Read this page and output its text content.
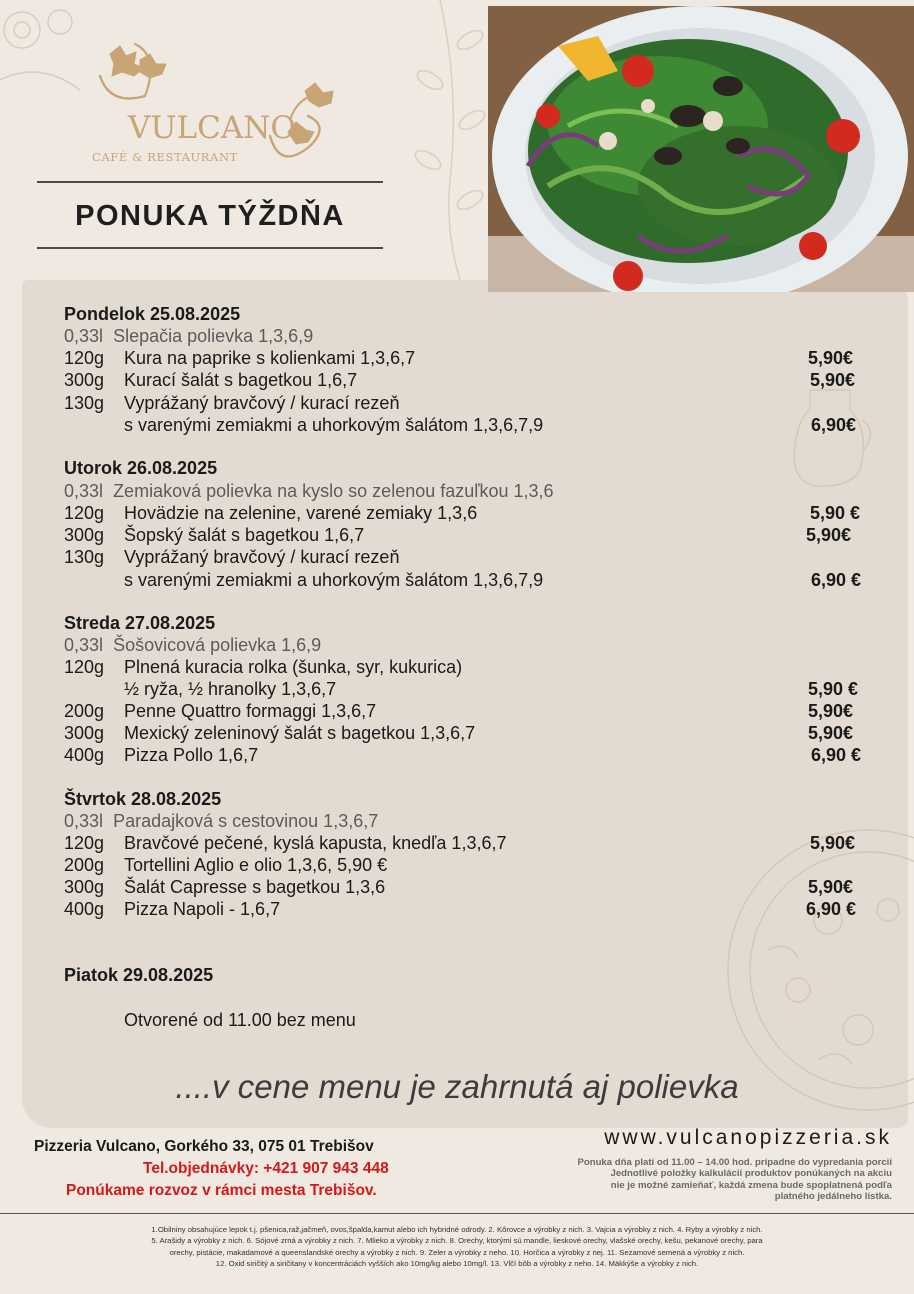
VULCANO
CAFÉ & RESTAURANT
PONUKA TÝŽDŇA
Pondelok 25.08.2025
0,33l Slepačia polievka 1,3,6,9
120g Kura na paprike s kolienkami 1,3,6,7	5,90€
300g Kurací šalát s bagetkou 1,6,7	5,90€
130g Vyprážaný bravčový / kurací rezeň
s varenými zemiakmi a uhorkovým šalátom 1,3,6,7,9	6,90€
Utorok 26.08.2025
0,33l Zemiaková polievka na kyslo so zelenou fazuľkou 1,3,6
120g Hovädzie na zelenine, varené zemiaky 1,3,6	5,90 €
300g Šopský šalát s bagetkou 1,6,7	5,90€
130g Vyprážaný bravčový / kurací rezeň
s varenými zemiakmi a uhorkovým šalátom 1,3,6,7,9	6,90 €
Streda 27.08.2025
0,33l Šošovicová polievka 1,6,9
120g Plnená kuracia rolka (šunka, syr, kukurica)
½ ryža, ½ hranolky 1,3,6,7	5,90 €
200g Penne Quattro formaggi 1,3,6,7	5,90€
300g Mexický zeleninový šalát s bagetkou 1,3,6,7	5,90€
400g Pizza Pollo 1,6,7	6,90 €
Štvrtok 28.08.2025
0,33l Paradajková s cestovinou 1,3,6,7
120g Bravčové pečené, kyslá kapusta, knedľa 1,3,6,7	5,90€
200g Tortellini Aglio e olio 1,3,6, 5,90 €
300g Šalát Capresse s bagetkou 1,3,6	5,90€
400g Pizza Napoli - 1,6,7	6,90 €
Piatok 29.08.2025
Otvorené od 11.00 bez menu
....v cene menu je zahrnutá aj polievka
Pizzeria Vulcano, Gorkého 33, 075 01 Trebišov
Tel.objednávky: +421 907 943 448
Ponúkame rozvoz v rámci mesta Trebišov.
www.vulcanopizzeria.sk
Ponuka dňa platí od 11.00 – 14.00 hod. prípadne do vypredania porcií
Jednotlivé položky kalkulácií produktov ponúkaných na akciu
nie je možné zamieňať, každá zmena bude spoplatnená podľa
platného jedálneho lístka.
1.Obilniny obsahujúce lepok t.j. pšenica,raž,jačmeň, ovos,špalda,kamut alebo ich hybridné odrody. 2. Kôrovce a výrobky z nich. 3. Vajcia a výrobky z nich. 4. Ryby a výrobky z nich.
5. Arašidy a výrobky z nich. 6. Sójové zrná a výrobky z nich. 7. Mlieko a výrobky z nich. 8. Orechy, ktorými sú mandle, lieskové orechy, vlašské orechy, kešu, pekanové orechy, para
orechy, pistácie, makadamové a queenslandské orechy a výrobky z nich. 9. Zeler a výrobky z neho. 10. Horčica a výrobky z nej. 11. Sezamové semená a výrobky z nich.
12. Oxid siričitý a siričitany v koncentráciách vyšších ako 10mg/kg alebo 10mg/l. 13. Vlčí bôb a výrobky z neho. 14. Mäkkýše a výrobky z nich.
